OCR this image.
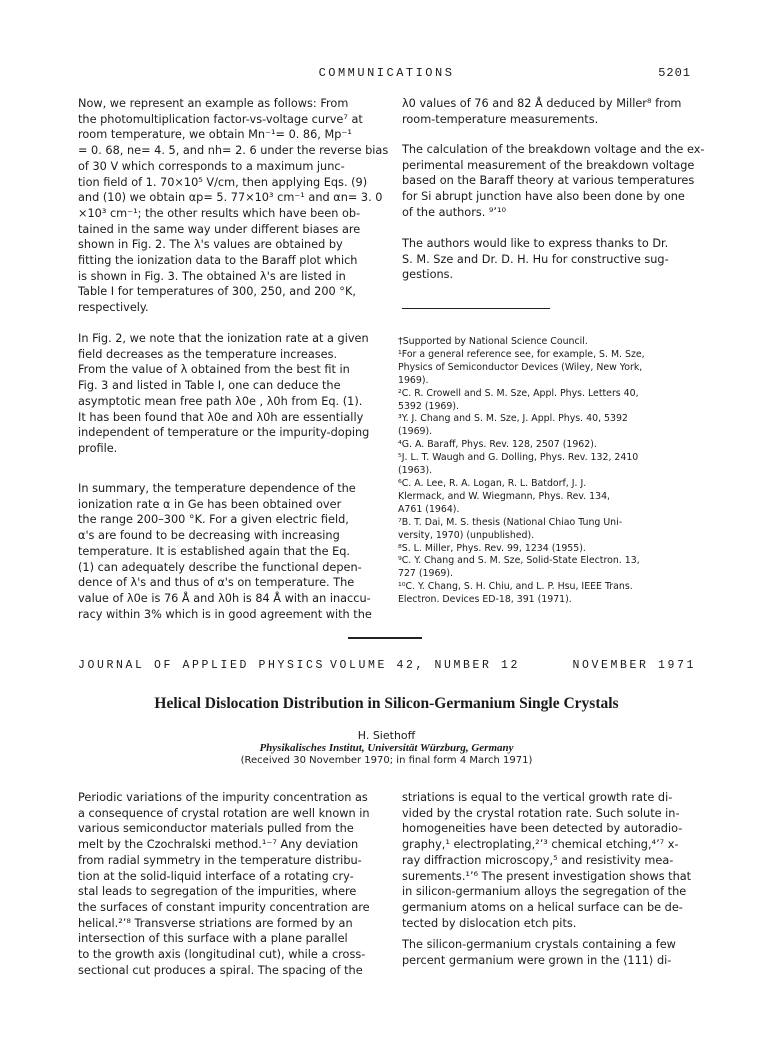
COMMUNICATIONS	5201

Now, we represent an example as follows: From
the photomultiplication factor-vs-voltage curve⁷ at
room temperature, we obtain Mn⁻¹= 0. 86, Mp⁻¹
= 0. 68, ne= 4. 5, and nh= 2. 6 under the reverse bias
of 30 V which corresponds to a maximum junc-
tion field of 1. 70×10⁵ V/cm, then applying Eqs. (9)
and (10) we obtain αp= 5. 77×10³ cm⁻¹ and αn= 3. 0
×10³ cm⁻¹; the other results which have been ob-
tained in the same way under different biases are
shown in Fig. 2. The λ's values are obtained by
fitting the ionization data to the Baraff plot which
is shown in Fig. 3. The obtained λ's are listed in
Table I for temperatures of 300, 250, and 200 °K,
respectively.

In Fig. 2, we note that the ionization rate at a given
field decreases as the temperature increases.
From the value of λ obtained from the best fit in
Fig. 3 and listed in Table I, one can deduce the
asymptotic mean free path λ0e , λ0h from Eq. (1).
It has been found that λ0e and λ0h are essentially
independent of temperature or the impurity-doping
profile.

In summary, the temperature dependence of the
ionization rate α in Ge has been obtained over
the range 200–300 °K. For a given electric field,
α's are found to be decreasing with increasing
temperature. It is established again that the Eq.
(1) can adequately describe the functional depen-
dence of λ's and thus of α's on temperature. The
value of λ0e is 76 Å and λ0h is 84 Å with an inaccu-
racy within 3% which is in good agreement with the

λ0 values of 76 and 82 Å deduced by Miller⁸ from
room-temperature measurements.

The calculation of the breakdown voltage and the ex-
perimental measurement of the breakdown voltage
based on the Baraff theory at various temperatures
for Si abrupt junction have also been done by one
of the authors. ⁹ʼ¹⁰

The authors would like to express thanks to Dr.
S. M. Sze and Dr. D. H. Hu for constructive sug-
gestions.

†Supported by National Science Council.
¹For a general reference see, for example, S. M. Sze,
Physics of Semiconductor Devices (Wiley, New York,
1969).
²C. R. Crowell and S. M. Sze, Appl. Phys. Letters 40,
5392 (1969).
³Y. J. Chang and S. M. Sze, J. Appl. Phys. 40, 5392
(1969).
⁴G. A. Baraff, Phys. Rev. 128, 2507 (1962).
⁵J. L. T. Waugh and G. Dolling, Phys. Rev. 132, 2410
(1963).
⁶C. A. Lee, R. A. Logan, R. L. Batdorf, J. J.
Klermack, and W. Wiegmann, Phys. Rev. 134,
A761 (1964).
⁷B. T. Dai, M. S. thesis (National Chiao Tung Uni-
versity, 1970) (unpublished).
⁸S. L. Miller, Phys. Rev. 99, 1234 (1955).
⁹C. Y. Chang and S. M. Sze, Solid-State Electron. 13,
727 (1969).
¹⁰C. Y. Chang, S. H. Chiu, and L. P. Hsu, IEEE Trans.
Electron. Devices ED-18, 391 (1971).
JOURNAL OF APPLIED PHYSICS VOLUME 42, NUMBER 12	NOVEMBER 1971
Helical Dislocation Distribution in Silicon-Germanium Single Crystals
H. Siethoff
Physikalisches Institut, Universität Würzburg, Germany
(Received 30 November 1970; in final form 4 March 1971)

Periodic variations of the impurity concentration as
a consequence of crystal rotation are well known in
various semiconductor materials pulled from the
melt by the Czochralski method.¹⁻⁷ Any deviation
from radial symmetry in the temperature distribu-
tion at the solid-liquid interface of a rotating cry-
stal leads to segregation of the impurities, where
the surfaces of constant impurity concentration are
helical.²ʼ⁸ Transverse striations are formed by an
intersection of this surface with a plane parallel
to the growth axis (longitudinal cut), while a cross-
sectional cut produces a spiral. The spacing of the

striations is equal to the vertical growth rate di-
vided by the crystal rotation rate. Such solute in-
homogeneities have been detected by autoradio-
graphy,¹ electroplating,²ʼ³ chemical etching,⁴ʼ⁷ x-
ray diffraction microscopy,⁵ and resistivity mea-
surements.¹ʼ⁶ The present investigation shows that
in silicon-germanium alloys the segregation of the
germanium atoms on a helical surface can be de-
tected by dislocation etch pits.

The silicon-germanium crystals containing a few
percent germanium were grown in the ⟨111⟩ di-
